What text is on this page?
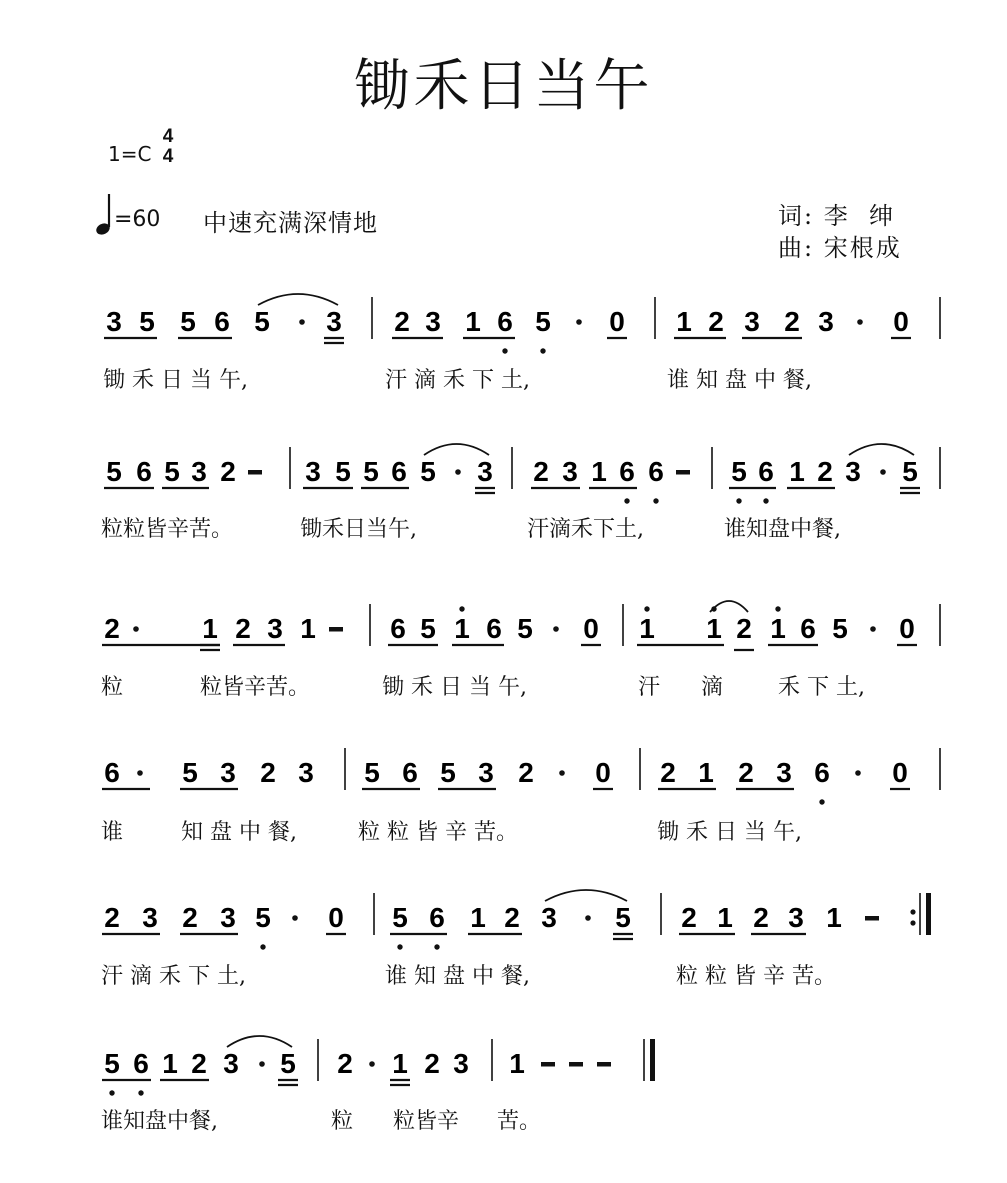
锄禾日当午
1=C
4
4
=60 中速充满深情地	词: 李  绅
曲: 宋根成
3 5 5 6 5 3 2 3 1 6 5 0 1 2 3 2 3 0
5 6 5 3 2 3 5 5 6 5 3 2 3 1 6 6 5 6 1 2 3 5
2	1 2 3 1	6 5 1 6 5 0 1 1 2 1 6 5 0
6 5 3 2 3 5 6 5 3 2 0 2 1 2 3 6 0
2 3 2 3 5 0 5 6 1 2 3 5 2 1 2 3 1
5 6 1 2 3 5 2 1 2 3 1
锄 禾 日 当 午,	汗 滴 禾 下 土,	谁 知 盘 中 餐,
粒粒皆辛苦。	锄禾日当午,	汗滴禾下土,	谁知盘中餐,
粒	粒皆辛苦。	锄 禾 日 当 午,	汗 滴 禾 下 土,
谁	知 盘 中 餐,	粒 粒 皆 辛 苦。	锄 禾 日 当 午,
汗 滴 禾 下 土,	谁 知 盘 中 餐,	粒 粒 皆 辛 苦。
谁知盘中餐,	粒 粒皆辛 苦。
